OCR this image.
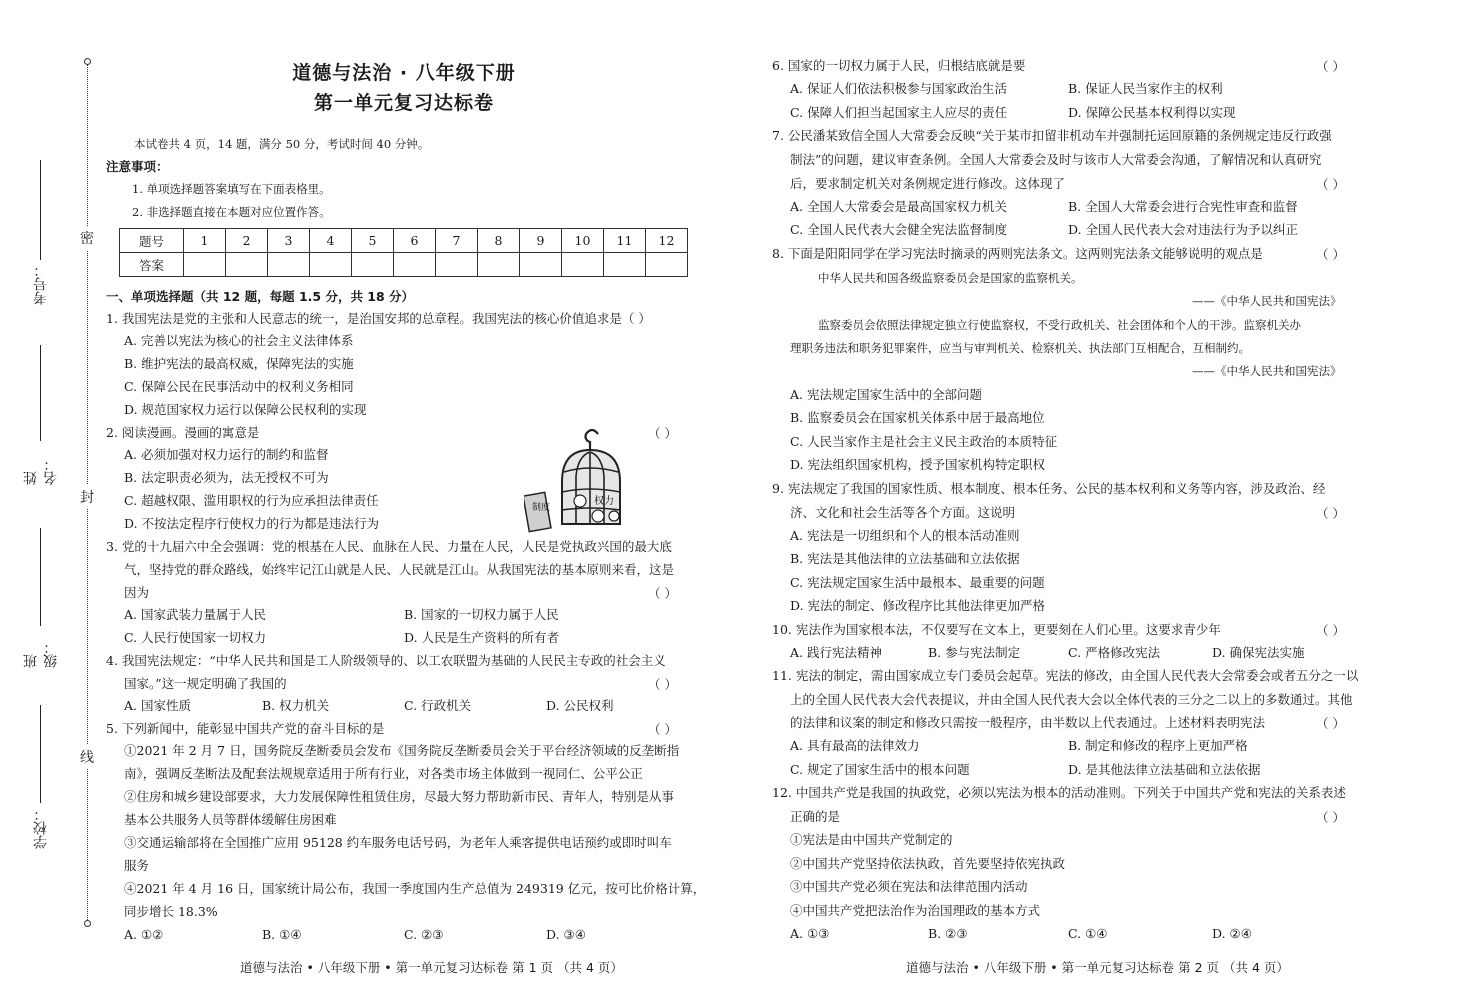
密
封
线
考号：
姓名：
班级：
学校：
道德与法治 · 八年级下册
第一单元复习达标卷
本试卷共 4 页，14 题，满分 50 分，考试时间 40 分钟。
注意事项：
1. 单项选择题答案填写在下面表格里。
2. 非选择题直接在本题对应位置作答。
题号	1	2	3	4	5	6	7	8	9	10	11	12
答案												
一、单项选择题（共 12 题，每题 1.5 分，共 18 分）
1. 我国宪法是党的主张和人民意志的统一，是治国安邦的总章程。我国宪法的核心价值追求是（ ）
A. 完善以宪法为核心的社会主义法律体系
B. 维护宪法的最高权威，保障宪法的实施
C. 保障公民在民事活动中的权利义务相同
D. 规范国家权力运行以保障公民权利的实现
2. 阅读漫画。漫画的寓意是	（ ）
A. 必须加强对权力运行的制约和监督
B. 法定职责必须为，法无授权不可为
C. 超越权限、滥用职权的行为应承担法律责任
D. 不按法定程序行使权力的行为都是违法行为
权力
制度
3. 党的十九届六中全会强调：党的根基在人民、血脉在人民、力量在人民，人民是党执政兴国的最大底
气，坚持党的群众路线，始终牢记江山就是人民、人民就是江山。从我国宪法的基本原则来看，这是
因为	（ ）
A. 国家武装力量属于人民	B. 国家的一切权力属于人民
C. 人民行使国家一切权力	D. 人民是生产资料的所有者
4. 我国宪法规定：“中华人民共和国是工人阶级领导的、以工农联盟为基础的人民民主专政的社会主义
国家。”这一规定明确了我国的	（ ）
A. 国家性质	B. 权力机关	C. 行政机关	D. 公民权利
5. 下列新闻中，能彰显中国共产党的奋斗目标的是	（ ）
①2021 年 2 月 7 日，国务院反垄断委员会发布《国务院反垄断委员会关于平台经济领域的反垄断指
南》，强调反垄断法及配套法规规章适用于所有行业，对各类市场主体做到一视同仁、公平公正
②住房和城乡建设部要求，大力发展保障性租赁住房，尽最大努力帮助新市民、青年人，特别是从事
基本公共服务人员等群体缓解住房困难
③交通运输部将在全国推广应用 95128 约车服务电话号码，为老年人乘客提供电话预约或即时叫车
服务
④2021 年 4 月 16 日，国家统计局公布，我国一季度国内生产总值为 249319 亿元，按可比价格计算，
同步增长 18.3%
A. ①②	B. ①④	C. ②③	D. ③④
道德与法治 • 八年级下册 • 第一单元复习达标卷 第 1 页 （共 4 页）
6. 国家的一切权力属于人民，归根结底就是要	（ ）
A. 保证人们依法积极参与国家政治生活	B. 保证人民当家作主的权利
C. 保障人们担当起国家主人应尽的责任	D. 保障公民基本权利得以实现
7. 公民潘某致信全国人大常委会反映“关于某市扣留非机动车并强制托运回原籍的条例规定违反行政强
制法”的问题，建议审查条例。全国人大常委会及时与该市人大常委会沟通，了解情况和认真研究
后，要求制定机关对条例规定进行修改。这体现了	（ ）
A. 全国人大常委会是最高国家权力机关	B. 全国人大常委会进行合宪性审查和监督
C. 全国人民代表大会健全宪法监督制度	D. 全国人民代表大会对违法行为予以纠正
8. 下面是阳阳同学在学习宪法时摘录的两则宪法条文。这两则宪法条文能够说明的观点是	（ ）
中华人民共和国各级监察委员会是国家的监察机关。
——《中华人民共和国宪法》
监察委员会依照法律规定独立行使监察权，不受行政机关、社会团体和个人的干涉。监察机关办
理职务违法和职务犯罪案件，应当与审判机关、检察机关、执法部门互相配合，互相制约。
——《中华人民共和国宪法》
A. 宪法规定国家生活中的全部问题
B. 监察委员会在国家机关体系中居于最高地位
C. 人民当家作主是社会主义民主政治的本质特征
D. 宪法组织国家机构，授予国家机构特定职权
9. 宪法规定了我国的国家性质、根本制度、根本任务、公民的基本权利和义务等内容，涉及政治、经
济、文化和社会生活等各个方面。这说明	（ ）
A. 宪法是一切组织和个人的根本活动准则
B. 宪法是其他法律的立法基础和立法依据
C. 宪法规定国家生活中最根本、最重要的问题
D. 宪法的制定、修改程序比其他法律更加严格
10. 宪法作为国家根本法，不仅要写在文本上，更要刻在人们心里。这要求青少年	（ ）
A. 践行宪法精神	B. 参与宪法制定	C. 严格修改宪法	D. 确保宪法实施
11. 宪法的制定，需由国家成立专门委员会起草。宪法的修改，由全国人民代表大会常委会或者五分之一以
上的全国人民代表大会代表提议，并由全国人民代表大会以全体代表的三分之二以上的多数通过。其他
的法律和议案的制定和修改只需按一般程序，由半数以上代表通过。上述材料表明宪法	（ ）
A. 具有最高的法律效力	B. 制定和修改的程序上更加严格
C. 规定了国家生活中的根本问题	D. 是其他法律立法基础和立法依据
12. 中国共产党是我国的执政党，必须以宪法为根本的活动准则。下列关于中国共产党和宪法的关系表述
正确的是	（ ）
①宪法是由中国共产党制定的
②中国共产党坚持依法执政，首先要坚持依宪执政
③中国共产党必须在宪法和法律范围内活动
④中国共产党把法治作为治国理政的基本方式
A. ①③	B. ②③	C. ①④	D. ②④
道德与法治 • 八年级下册 • 第一单元复习达标卷 第 2 页 （共 4 页）
